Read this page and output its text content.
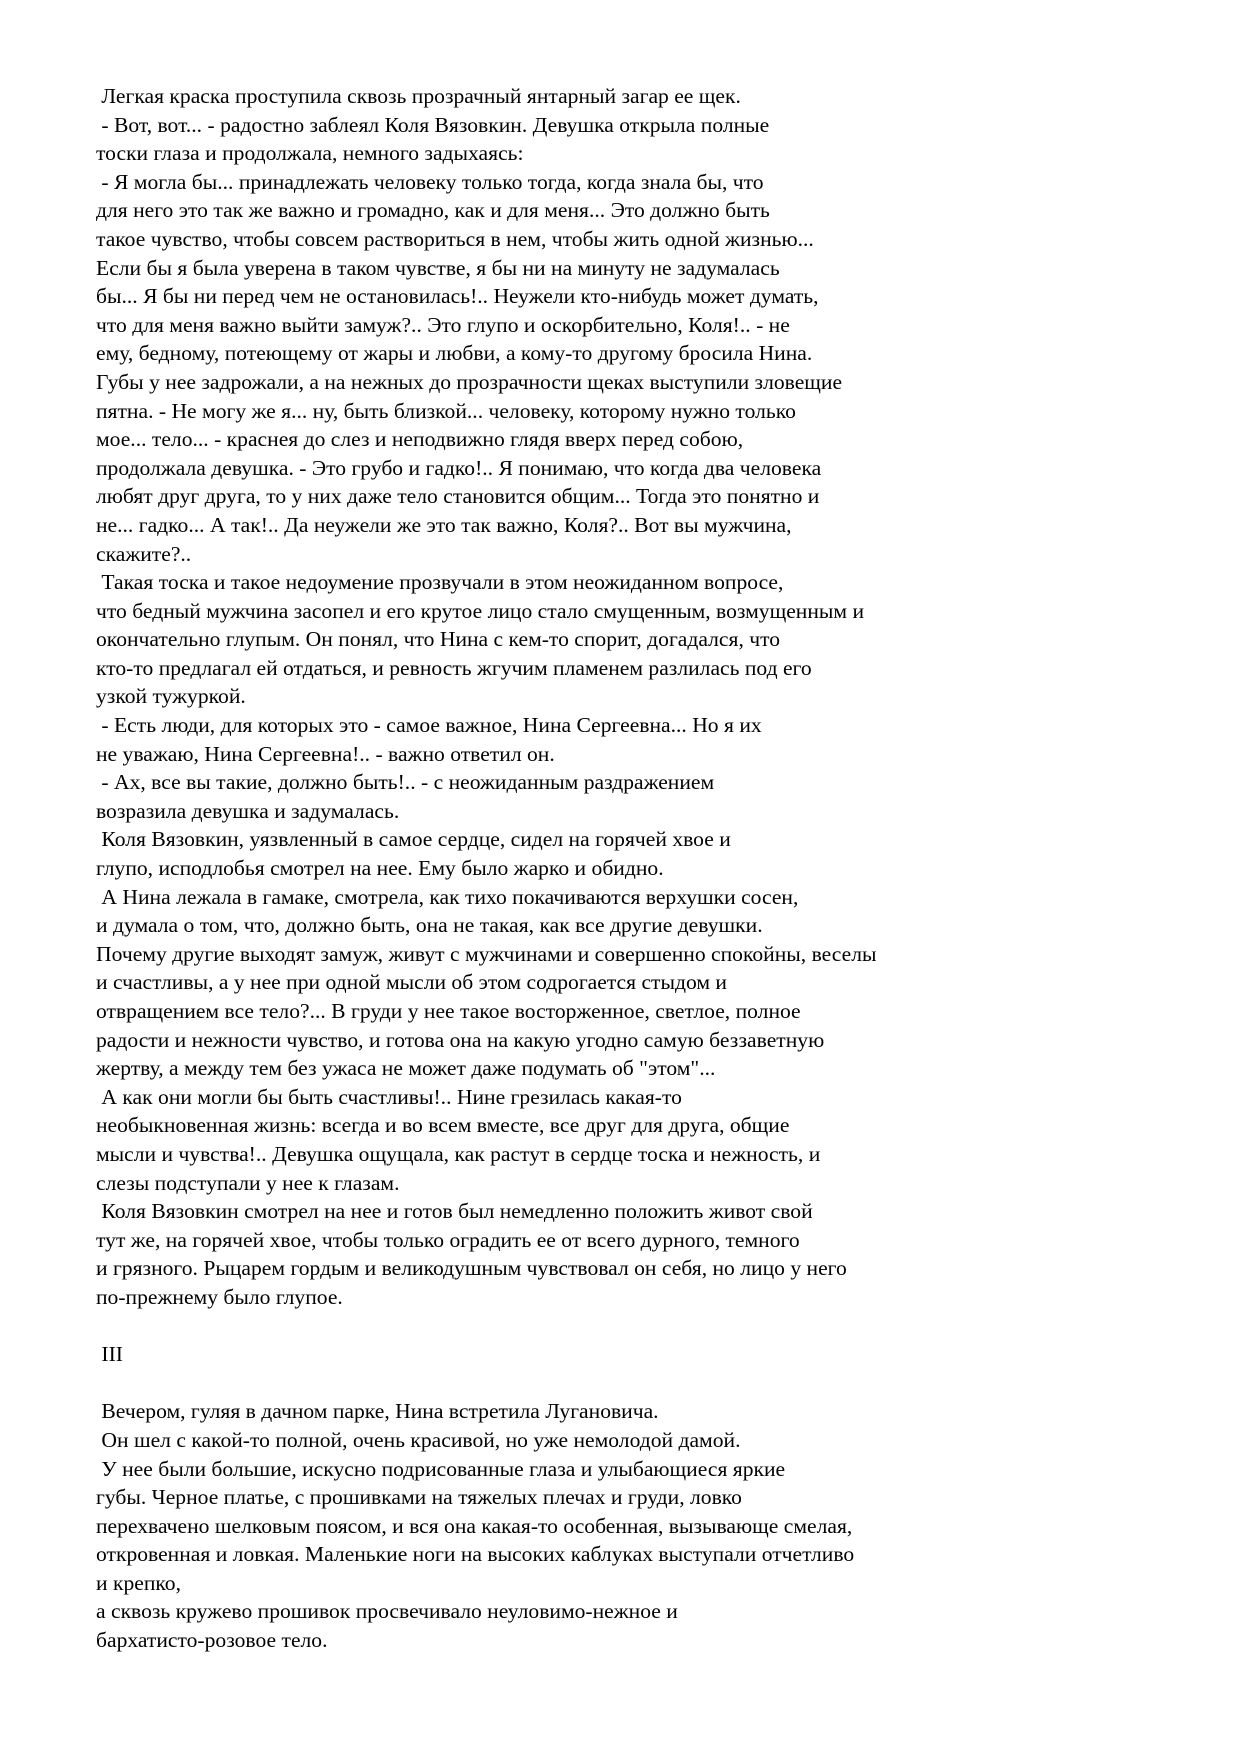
Легкая краска проступила сквозь прозрачный янтарный загар ее щек.
- Вот, вот... - радостно заблеял Коля Вязовкин. Девушка открыла полные
тоски глаза и продолжала, немного задыхаясь:
- Я могла бы... принадлежать человеку только тогда, когда знала бы, что
для него это так же важно и громадно, как и для меня... Это должно быть
такое чувство, чтобы совсем раствориться в нем, чтобы жить одной жизнью...
Если бы я была уверена в таком чувстве, я бы ни на минуту не задумалась
бы... Я бы ни перед чем не остановилась!.. Неужели кто-нибудь может думать,
что для меня важно выйти замуж?.. Это глупо и оскорбительно, Коля!.. - не
ему, бедному, потеющему от жары и любви, а кому-то другому бросила Нина.
Губы у нее задрожали, а на нежных до прозрачности щеках выступили зловещие
пятна. - Не могу же я... ну, быть близкой... человеку, которому нужно только
мое... тело... - краснея до слез и неподвижно глядя вверх перед собою,
продолжала девушка. - Это грубо и гадко!.. Я понимаю, что когда два человека
любят друг друга, то у них даже тело становится общим... Тогда это понятно и
не... гадко... А так!.. Да неужели же это так важно, Коля?.. Вот вы мужчина,
скажите?..
Такая тоска и такое недоумение прозвучали в этом неожиданном вопросе,
что бедный мужчина засопел и его крутое лицо стало смущенным, возмущенным и
окончательно глупым. Он понял, что Нина с кем-то спорит, догадался, что
кто-то предлагал ей отдаться, и ревность жгучим пламенем разлилась под его
узкой тужуркой.
- Есть люди, для которых это - самое важное, Нина Сергеевна... Но я их
не уважаю, Нина Сергеевна!.. - важно ответил он.
- Ах, все вы такие, должно быть!.. - с неожиданным раздражением
возразила девушка и задумалась.
Коля Вязовкин, уязвленный в самое сердце, сидел на горячей хвое и
глупо, исподлобья смотрел на нее. Ему было жарко и обидно.
А Нина лежала в гамаке, смотрела, как тихо покачиваются верхушки сосен,
и думала о том, что, должно быть, она не такая, как все другие девушки.
Почему другие выходят замуж, живут с мужчинами и совершенно спокойны, веселы
и счастливы, а у нее при одной мысли об этом содрогается стыдом и
отвращением все тело?... В груди у нее такое восторженное, светлое, полное
радости и нежности чувство, и готова она на какую угодно самую беззаветную
жертву, а между тем без ужаса не может даже подумать об "этом"...
А как они могли бы быть счастливы!.. Нине грезилась какая-то
необыкновенная жизнь: всегда и во всем вместе, все друг для друга, общие
мысли и чувства!.. Девушка ощущала, как растут в сердце тоска и нежность, и
слезы подступали у нее к глазам.
Коля Вязовкин смотрел на нее и готов был немедленно положить живот свой
тут же, на горячей хвое, чтобы только оградить ее от всего дурного, темного
и грязного. Рыцарем гордым и великодушным чувствовал он себя, но лицо у него
по-прежнему было глупое.
III
Вечером, гуляя в дачном парке, Нина встретила Лугановича.
Он шел с какой-то полной, очень красивой, но уже немолодой дамой.
У нее были большие, искусно подрисованные глаза и улыбающиеся яркие
губы. Черное платье, с прошивками на тяжелых плечах и груди, ловко
перехвачено шелковым поясом, и вся она какая-то особенная, вызывающе смелая,
откровенная и ловкая. Маленькие ноги на высоких каблуках выступали отчетливо
и крепко,
а сквозь кружево прошивок просвечивало неуловимо-нежное и
бархатисто-розовое тело.
